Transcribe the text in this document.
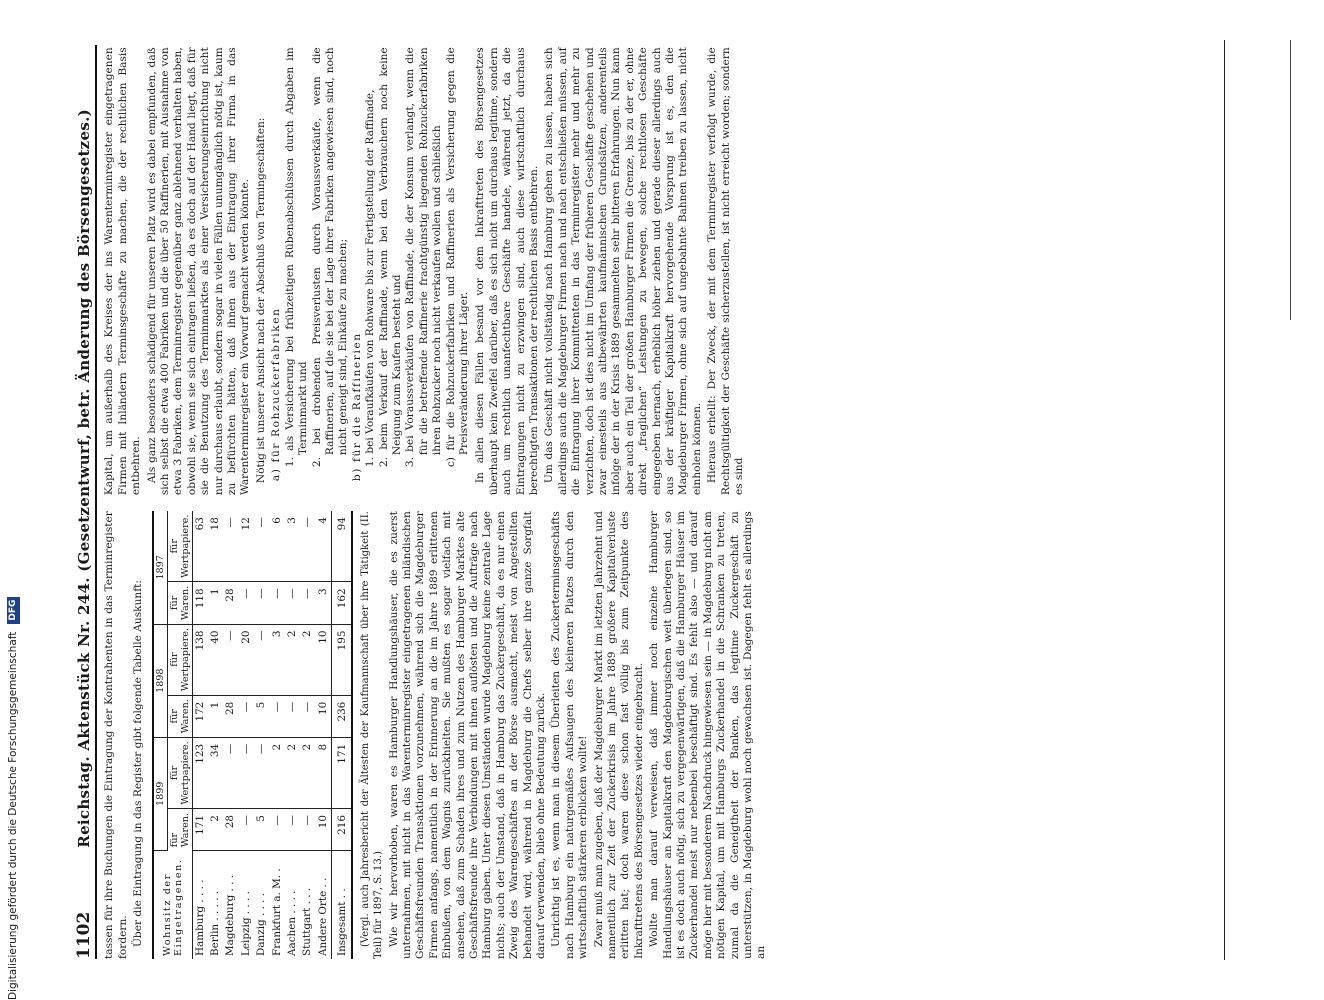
Digitalisierung gefördert durch die Deutsche Forschungsgemeinschaft
DFG
1102
Reichstag. Aktenstück Nr. 244. (Gesetzentwurf, betr. Änderung des Börsengesetzes.) tassen für ihre Buchungen die Eintragung der Kontrahenten in das Terminregister fordern. Über die Eintragung in das Register gibt folgende Tabelle Auskunft: Wohnsitz der Eingetragenen.	1899		1898		1897	
	für Waren.	für Wertpapiere.	für Waren.	für Wertpapiere.	für Waren.	für Wertpapiere.
Hamburg . . . .	171	123	172	138	118	63
Berlin . . . . .	2	34	1	40	1	18
Magdeburg . . .	28	—	28	—	28	—
Leipzig . . . .	—	—	—	20	—	12
Danzig . . . .	5	—	5	—	—	—
Frankfurt a. M. .	—	2	—	3	—	6
Aachen . . . .	—	2	—	2	—	3
Stuttgart . . .	—	2	—	2	—	—
Andere Orte . .	10	8	10	10	3	4
Insgesamt . .	216	171	236	195	162	94 (Vergl. auch Jahresbericht der Ältesten der Kaufmannschaft über ihre Tätigkeit (II. Teil) für 1897, S. 13.) Wie wir hervorhoben, waren es Hamburger Handlungshäuser, die es zuerst unternahmen, mit nicht in das Warenterminregister eingetragenen inländischen Geschäftsfreunden Transaktionen vorzunehmen, während sich die Magdeburger Firmen anfangs, namentlich in der Erinnerung an die im Jahre 1889 erlittenen Einbußen, von dem Wagnis zurückhielten. Sie mußten es sogar vielfach mit ansehen, daß zum Schaden ihres und zum Nutzen des Hamburger Marktes alte Geschäftsfreunde ihre Verbindungen mit ihnen auflösten und die Aufträge nach Hamburg gaben. Unter diesen Umständen wurde Magdeburg keine zentrale Lage nichts; auch der Umstand, daß in Hamburg das Zuckergeschäft, da es nur einen Zweig des Warengeschäftes an der Börse ausmacht, meist von Angestellten behandelt wird, während in Magdeburg die Chefs selber ihre ganze Sorgfalt darauf verwenden, blieb ohne Bedeutung zurück. Unrichtig ist es, wenn man in diesem Überleiten des Zuckerterminsgeschäfts nach Hamburg ein naturgemäßes Aufsaugen des kleineren Platzes durch den wirtschaftlich stärkeren erblicken wollte! Zwar muß man zugeben, daß der Magdeburger Markt im letzten Jahrzehnt und namentlich zur Zeit der Zuckerkrisis im Jahre 1889 größere Kapitalverluste erlitten hat; doch waren diese schon fast völlig bis zum Zeitpunkte des Inkrafttretens des Börsengesetzes wieder eingebracht. Wollte man darauf verweisen, daß immer noch einzelne Hamburger Handlungshäuser an Kapitalkraft den Magdeburgischen weit überlegen sind, so ist es doch auch nötig, sich zu vergegenwärtigen, daß die Hamburger Häuser im Zuckerhandel meist nur nebenbei beschäftigt sind. Es fehlt also — und darauf möge hier mit besonderem Nachdruck hingewiesen sein — in Magdeburg nicht am nötigen Kapital, um mit Hamburgs Zuckerhandel in die Schranken zu treten, zumal da die Geneigtheit der Banken, das legitime Zuckergeschäft zu unterstützen, in Magdeburg wohl noch gewachsen ist. Dagegen fehlt es allerdings an

Kapital, um außerhalb des Kreises der ins Warenterminregister eingetragenen Firmen mit Inländern Terminsgeschäfte zu machen, die der rechtlichen Basis entbehren. Als ganz besonders schädigend für unseren Platz wird es dabei empfunden, daß sich selbst die etwa 400 Fabriken und die über 50 Raffinerien, mit Ausnahme von etwa 3 Fabriken, dem Terminregister gegenüber ganz ablehnend verhalten haben, obwohl sie, wenn sie sich eintragen ließen, da es doch auf der Hand liegt, daß für sie die Benutzung des Terminmarktes als einer Versicherungseinrichtung nicht nur durchaus erlaubt, sondern sogar in vielen Fällen unumgänglich nötig ist, kaum zu befürchten hätten, daß ihnen aus der Eintragung ihrer Firma in das Warenterminregister ein Vorwurf gemacht werden könnte. Nötig ist unserer Ansicht nach der Abschluß von Termingeschäften: a) für Rohzuckerfabriken 1. als Versicherung bei frühzeitigen Rübenabschlüssen durch Abgaben im Terminmarkt und 2. bei drohenden Preisverlusten durch Voraussverkäufe, wenn die Raffinerien, auf die sie bei der Lage ihrer Fabriken angewiesen sind, noch nicht geneigt sind, Einkäufe zu machen; b) für die Raffinerien 1. bei Voraufkäufen von Rohware bis zur Fertigstellung der Raffinade, 2. beim Verkauf der Raffinade, wenn bei den Verbrauchern noch keine Neigung zum Kaufen besteht und 3. bei Voraussverkäufen von Raffinade, die der Konsum verlangt, wenn die für die betreffende Raffinerie frachtgünstig liegenden Rohzuckerfabriken ihren Rohzucker noch nicht verkaufen wollen und schließlich c) für die Rohzuckerfabriken und Raffinerien als Versicherung gegen die Preisveränderung ihrer Läger. In allen diesen Fällen besand vor dem Inkrafttreten des Börsengesetzes überhaupt kein Zweifel darüber, daß es sich nicht um durchaus legitime, sondern auch um rechtlich unanfechtbare Geschäfte handele, während jetzt, da die Eintragungen nicht zu erzwingen sind, auch diese wirtschaftlich durchaus berechtigten Transaktionen der rechtlichen Basis entbehren. Um das Geschäft nicht vollständig nach Hamburg gehen zu lassen, haben sich allerdings auch die Magdeburger Firmen nach und nach entschließen müssen, auf die Eintragung ihrer Kommittenten in das Terminregister mehr und mehr zu verzichten, doch ist dies nicht im Umfang der früheren Geschäfte geschehen und zwar einesteils aus altbewährten kaufmännischen Grundsätzen, anderenteils infolge der in der Krisis 1889 gesammelten sehr bitteren Erfahrungen. Nun kann aber auch ein Teil der großen Hamburger Firmen die Grenze, bis zu der er, ohne direkt „fraglichen“ Leistungen zu bewegen, solche rechtlosen Geschäfte eingegeben hernach, erheblich höher ziehen und gerade dieser allerdings auch aus der kräftiger Kapitalkraft hervorgehende Vorsprung ist es, den die Magdeburger Firmen, ohne sich auf ungebahnte Bahnen treiben zu lassen, nicht einholen können. Hieraus erhellt: Der Zweck, der mit dem Terminregister verfolgt wurde, die Rechtsgültigkeit der Geschäfte sicherzustellen, ist nicht erreicht worden; sondern es sind
